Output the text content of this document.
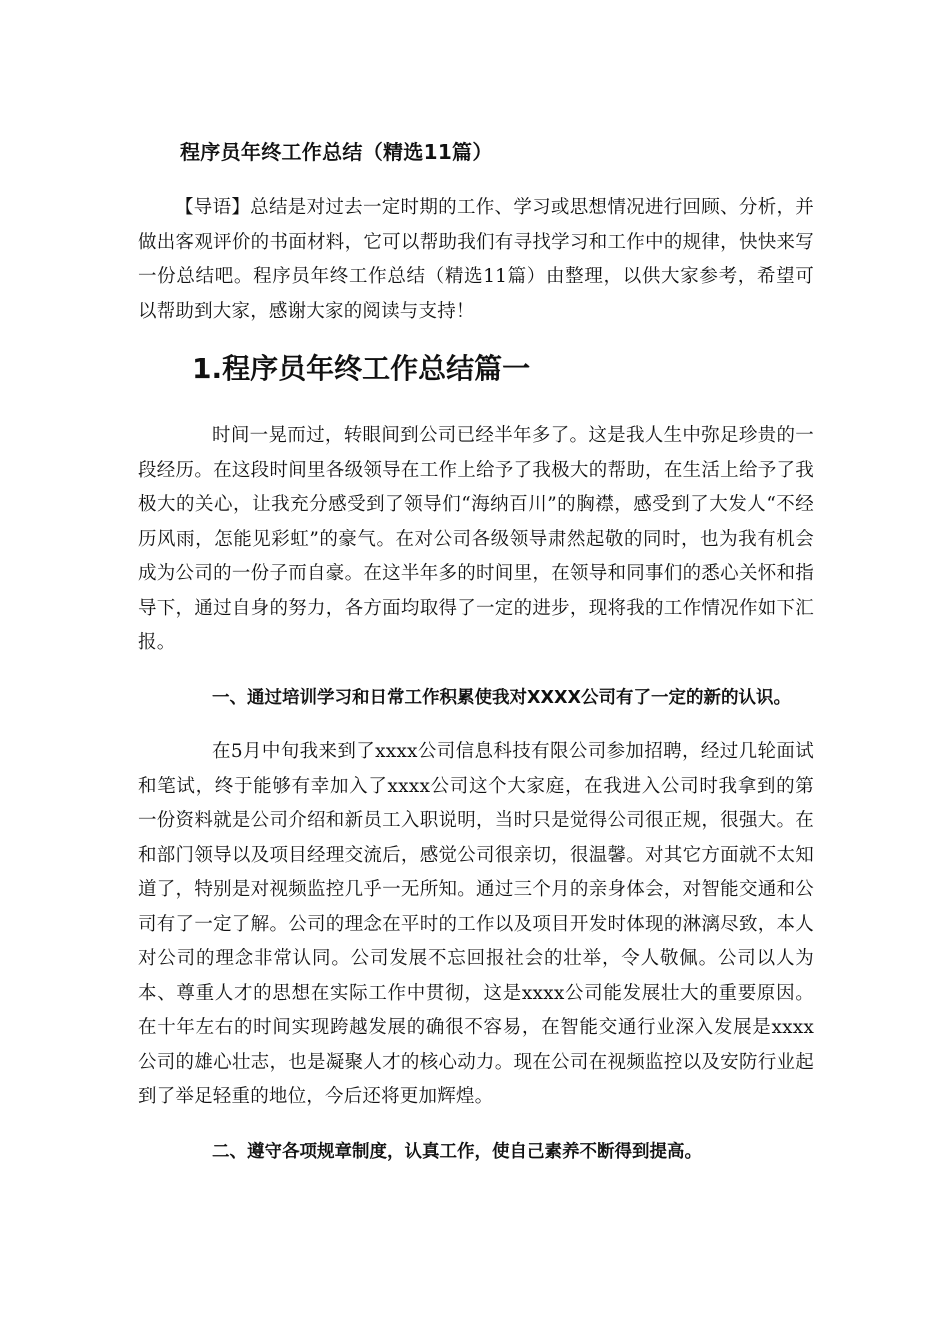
程序员年终工作总结（精选11篇）

【导语】总结是对过去一定时期的工作、学习或思想情况进行回顾、分析，并做出客观评价的书面材料，它可以帮助我们有寻找学习和工作中的规律，快快来写一份总结吧。程序员年终工作总结（精选11篇）由整理，以供大家参考，希望可以帮助到大家，感谢大家的阅读与支持！

1.程序员年终工作总结篇一

时间一晃而过，转眼间到公司已经半年多了。这是我人生中弥足珍贵的一段经历。在这段时间里各级领导在工作上给予了我极大的帮助，在生活上给予了我极大的关心，让我充分感受到了领导们“海纳百川”的胸襟，感受到了大发人“不经历风雨，怎能见彩虹”的豪气。在对公司各级领导肃然起敬的同时，也为我有机会成为公司的一份子而自豪。在这半年多的时间里，在领导和同事们的悉心关怀和指导下，通过自身的努力，各方面均取得了一定的进步，现将我的工作情况作如下汇报。

一、通过培训学习和日常工作积累使我对XXXX公司有了一定的新的认识。

在5月中旬我来到了xxxx公司信息科技有限公司参加招聘，经过几轮面试和笔试，终于能够有幸加入了xxxx公司这个大家庭，在我进入公司时我拿到的第一份资料就是公司介绍和新员工入职说明，当时只是觉得公司很正规，很强大。在和部门领导以及项目经理交流后，感觉公司很亲切，很温馨。对其它方面就不太知道了，特别是对视频监控几乎一无所知。通过三个月的亲身体会，对智能交通和公司有了一定了解。公司的理念在平时的工作以及项目开发时体现的淋漓尽致，本人对公司的理念非常认同。公司发展不忘回报社会的壮举，令人敬佩。公司以人为本、尊重人才的思想在实际工作中贯彻，这是xxxx公司能发展壮大的重要原因。在十年左右的时间实现跨越发展的确很不容易，在智能交通行业深入发展是xxxx公司的雄心壮志，也是凝聚人才的核心动力。现在公司在视频监控以及安防行业起到了举足轻重的地位，今后还将更加辉煌。

二、遵守各项规章制度，认真工作，使自己素养不断得到提高。
